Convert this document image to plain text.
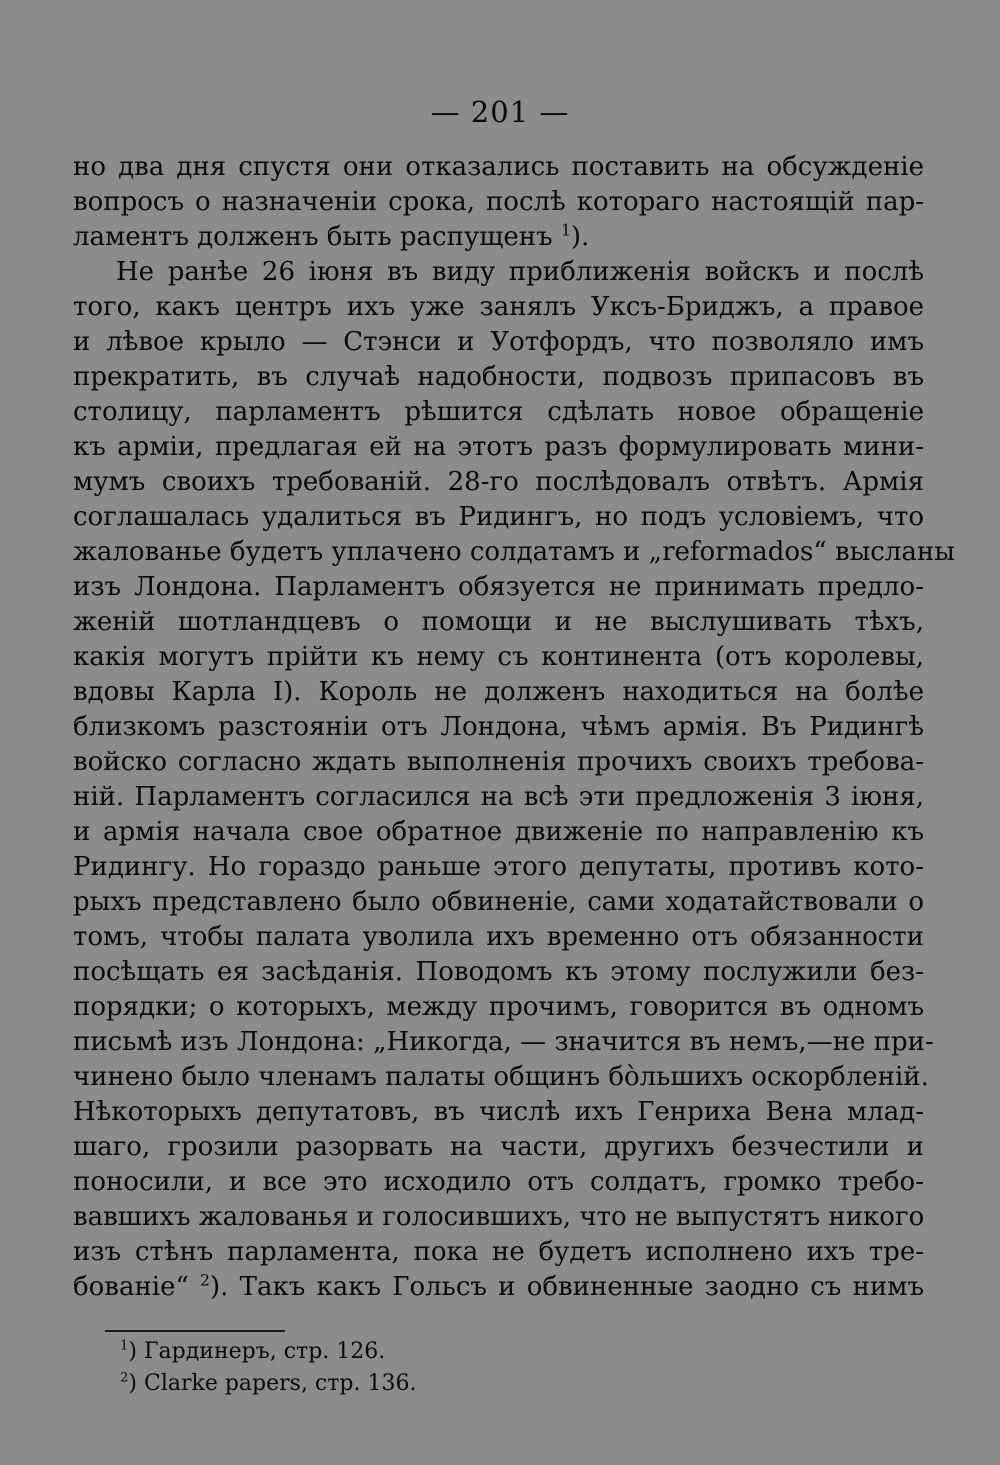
— 201 —
но два дня спустя они отказались поставить на обсужденіе
вопросъ о назначеніи срока, послѣ котораго настоящій пар-
ламентъ долженъ быть распущенъ $^1$).
Не ранѣе 26 іюня въ виду приближенія войскъ и послѣ
того, какъ центръ ихъ уже занялъ Уксъ-Бриджъ, а правое
и лѣвое крыло — Стэнси и Уотфордъ, что позволяло имъ
прекратить, въ случаѣ надобности, подвозъ припасовъ въ
столицу, парламентъ рѣшится сдѣлать новое обращеніе
къ арміи, предлагая ей на этотъ разъ формулировать мини-
мумъ своихъ требованій. 28-го послѣдовалъ отвѣтъ. Армія
соглашалась удалиться въ Ридингъ, но подъ условіемъ, что
жалованье будетъ уплачено солдатамъ и „reformados“ высланы
изъ Лондона. Парламентъ обязуется не принимать предло-
женій шотландцевъ о помощи и не выслушивать тѣхъ,
какія могутъ прійти къ нему съ континента (отъ королевы,
вдовы Карла I). Король не долженъ находиться на болѣе
близкомъ разстояніи отъ Лондона, чѣмъ армія. Въ Ридингѣ
войско согласно ждать выполненія прочихъ своихъ требова-
ній. Парламентъ согласился на всѣ эти предложенія 3 іюня,
и армія начала свое обратное движеніе по направленію къ
Ридингу. Но гораздо раньше этого депутаты, противъ кото-
рыхъ представлено было обвиненіе, сами ходатайствовали о
томъ, чтобы палата уволила ихъ временно отъ обязанности
посѣщать ея засѣданія. Поводомъ къ этому послужили без-
порядки; о которыхъ, между прочимъ, говорится въ одномъ
письмѣ изъ Лондона: „Никогда, — значится въ немъ,—не при-
чинено было членамъ палаты общинъ бо̀льшихъ оскорбленій.
Нѣкоторыхъ депутатовъ, въ числѣ ихъ Генриха Вена млад-
шаго, грозили разорвать на части, другихъ безчестили и
поносили, и все это исходило отъ солдатъ, громко требо-
вавшихъ жалованья и голосившихъ, что не выпустятъ никого
изъ стѣнъ парламента, пока не будетъ исполнено ихъ тре-
бованіе“ $^2$). Такъ какъ Гольсъ и обвиненные заодно съ нимъ
$^1$) Гардинеръ, стр. 126.
$^2$) Clarke papers, стр. 136.
